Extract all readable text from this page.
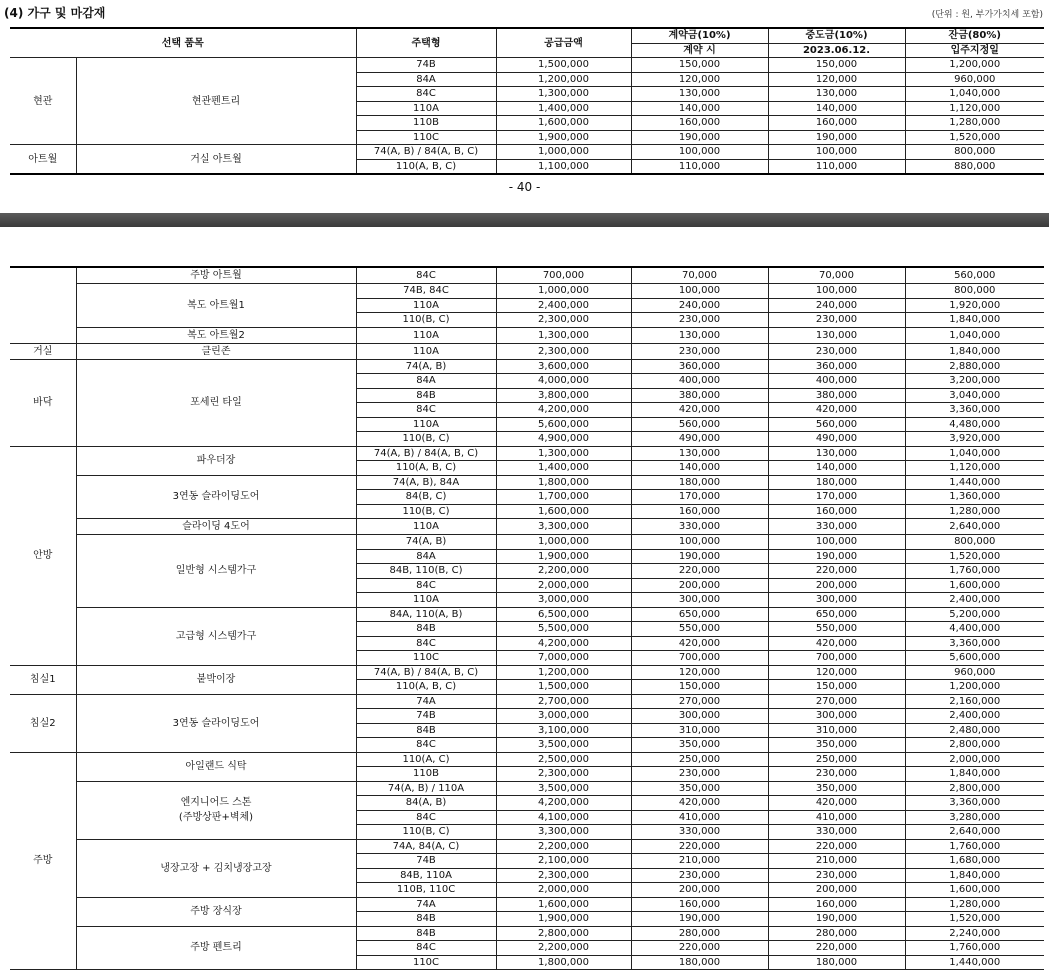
(4) 가구 및 마감재	(단위 : 원, 부가가치세 포함)
선택 품목		주택형	공급금액	계약금(10%)	중도금(10%)	잔금(80%)
				계약 시	2023.06.12.	입주지정일
현관	현관펜트리	74B	1,500,000	150,000	150,000	1,200,000
		84A	1,200,000	120,000	120,000	960,000
		84C	1,300,000	130,000	130,000	1,040,000
		110A	1,400,000	140,000	140,000	1,120,000
		110B	1,600,000	160,000	160,000	1,280,000
		110C	1,900,000	190,000	190,000	1,520,000
아트월	거실 아트월	74(A, B) / 84(A, B, C)	1,000,000	100,000	100,000	800,000
		110(A, B, C)	1,100,000	110,000	110,000	880,000
- 40 -
	주방 아트월	84C	700,000	70,000	70,000	560,000
	복도 아트월1	74B, 84C	1,000,000	100,000	100,000	800,000
		110A	2,400,000	240,000	240,000	1,920,000
		110(B, C)	2,300,000	230,000	230,000	1,840,000
	복도 아트월2	110A	1,300,000	130,000	130,000	1,040,000
거실	클린존	110A	2,300,000	230,000	230,000	1,840,000
바닥	포세린 타일	74(A, B)	3,600,000	360,000	360,000	2,880,000
		84A	4,000,000	400,000	400,000	3,200,000
		84B	3,800,000	380,000	380,000	3,040,000
		84C	4,200,000	420,000	420,000	3,360,000
		110A	5,600,000	560,000	560,000	4,480,000
		110(B, C)	4,900,000	490,000	490,000	3,920,000
안방	파우더장	74(A, B) / 84(A, B, C)	1,300,000	130,000	130,000	1,040,000
		110(A, B, C)	1,400,000	140,000	140,000	1,120,000
	3연동 슬라이딩도어	74(A, B), 84A	1,800,000	180,000	180,000	1,440,000
		84(B, C)	1,700,000	170,000	170,000	1,360,000
		110(B, C)	1,600,000	160,000	160,000	1,280,000
	슬라이딩 4도어	110A	3,300,000	330,000	330,000	2,640,000
	일반형 시스템가구	74(A, B)	1,000,000	100,000	100,000	800,000
		84A	1,900,000	190,000	190,000	1,520,000
		84B, 110(B, C)	2,200,000	220,000	220,000	1,760,000
		84C	2,000,000	200,000	200,000	1,600,000
		110A	3,000,000	300,000	300,000	2,400,000
	고급형 시스템가구	84A, 110(A, B)	6,500,000	650,000	650,000	5,200,000
		84B	5,500,000	550,000	550,000	4,400,000
		84C	4,200,000	420,000	420,000	3,360,000
		110C	7,000,000	700,000	700,000	5,600,000
침실1	붙박이장	74(A, B) / 84(A, B, C)	1,200,000	120,000	120,000	960,000
		110(A, B, C)	1,500,000	150,000	150,000	1,200,000
침실2	3연동 슬라이딩도어	74A	2,700,000	270,000	270,000	2,160,000
		74B	3,000,000	300,000	300,000	2,400,000
		84B	3,100,000	310,000	310,000	2,480,000
		84C	3,500,000	350,000	350,000	2,800,000
주방	아일랜드 식탁	110(A, C)	2,500,000	250,000	250,000	2,000,000
		110B	2,300,000	230,000	230,000	1,840,000
	엔지니어드 스톤
(주방상판+벽체)	74(A, B) / 110A	3,500,000	350,000	350,000	2,800,000
		84(A, B)	4,200,000	420,000	420,000	3,360,000
		84C	4,100,000	410,000	410,000	3,280,000
		110(B, C)	3,300,000	330,000	330,000	2,640,000
	냉장고장 + 김치냉장고장	74A, 84(A, C)	2,200,000	220,000	220,000	1,760,000
		74B	2,100,000	210,000	210,000	1,680,000
		84B, 110A	2,300,000	230,000	230,000	1,840,000
		110B, 110C	2,000,000	200,000	200,000	1,600,000
	주방 장식장	74A	1,600,000	160,000	160,000	1,280,000
		84B	1,900,000	190,000	190,000	1,520,000
	주방 펜트리	84B	2,800,000	280,000	280,000	2,240,000
		84C	2,200,000	220,000	220,000	1,760,000
		110C	1,800,000	180,000	180,000	1,440,000
